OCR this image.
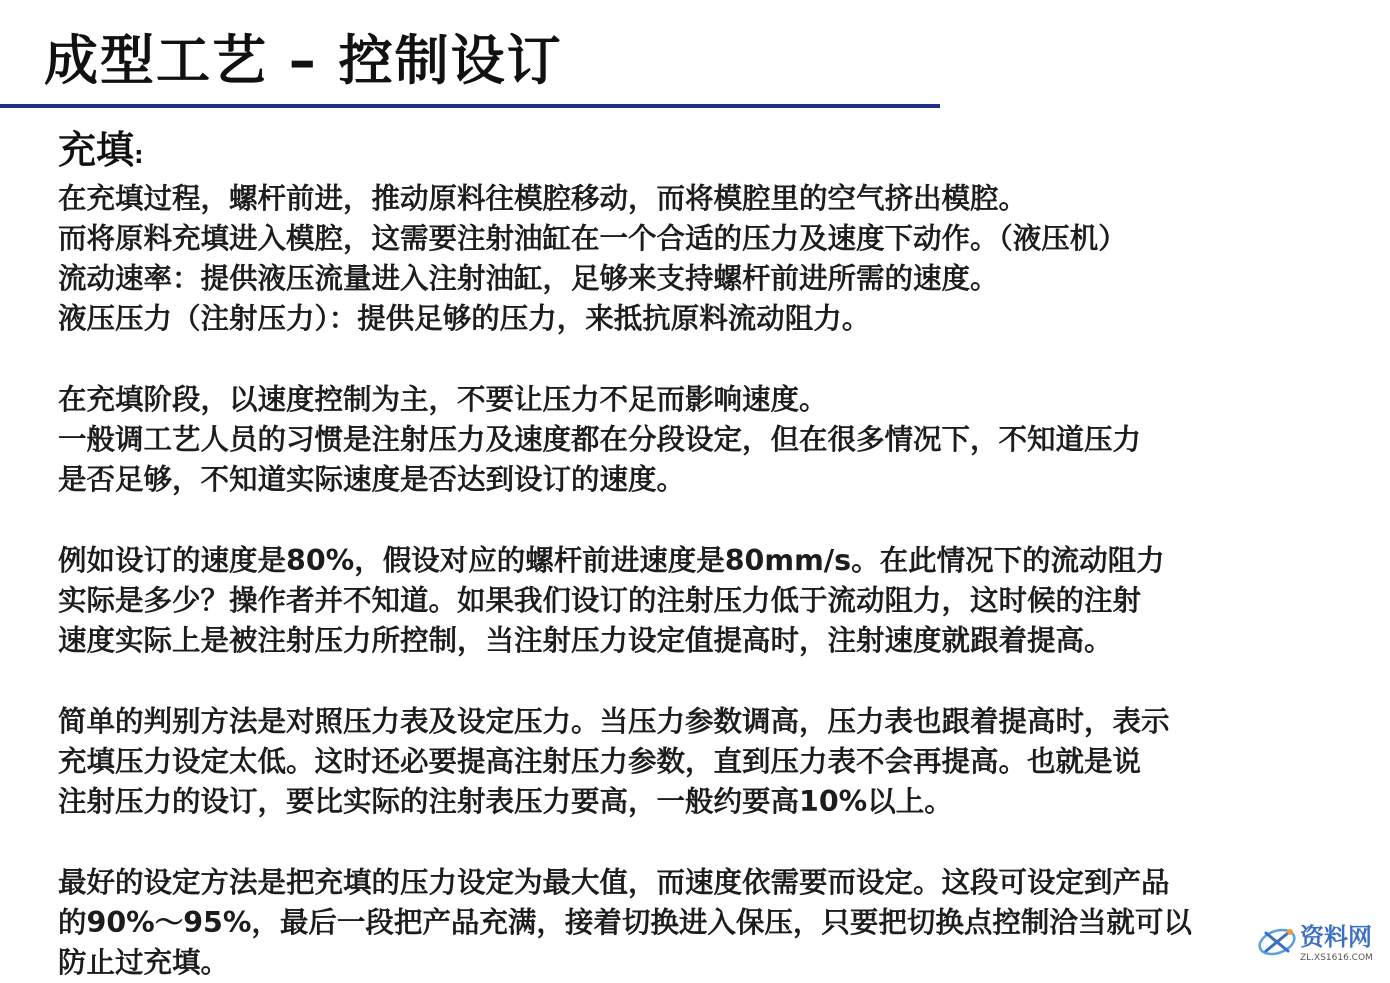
成型工艺 – 控制设订
充填:
在充填过程，螺杆前进，推动原料往模腔移动，而将模腔里的空气挤出模腔。
而将原料充填进入模腔，这需要注射油缸在一个合适的压力及速度下动作。（液压机）
流动速率：提供液压流量进入注射油缸，足够来支持螺杆前进所需的速度。
液压压力（注射压力）：提供足够的压力，来抵抗原料流动阻力。
在充填阶段，以速度控制为主，不要让压力不足而影响速度。
一般调工艺人员的习惯是注射压力及速度都在分段设定，但在很多情况下，不知道压力
是否足够，不知道实际速度是否达到设订的速度。
例如设订的速度是80%，假设对应的螺杆前进速度是80mm/s。在此情况下的流动阻力
实际是多少？操作者并不知道。如果我们设订的注射压力低于流动阻力，这时候的注射
速度实际上是被注射压力所控制，当注射压力设定值提高时，注射速度就跟着提高。
简单的判别方法是对照压力表及设定压力。当压力参数调高，压力表也跟着提高时，表示
充填压力设定太低。这时还必要提高注射压力参数，直到压力表不会再提高。也就是说
注射压力的设订，要比实际的注射表压力要高，一般约要高10%以上。
最好的设定方法是把充填的压力设定为最大值，而速度依需要而设定。这段可设定到产品
的90%～95%，最后一段把产品充满，接着切换进入保压，只要把切换点控制洽当就可以
防止过充填。
资料网
ZL.XS1616.COM
